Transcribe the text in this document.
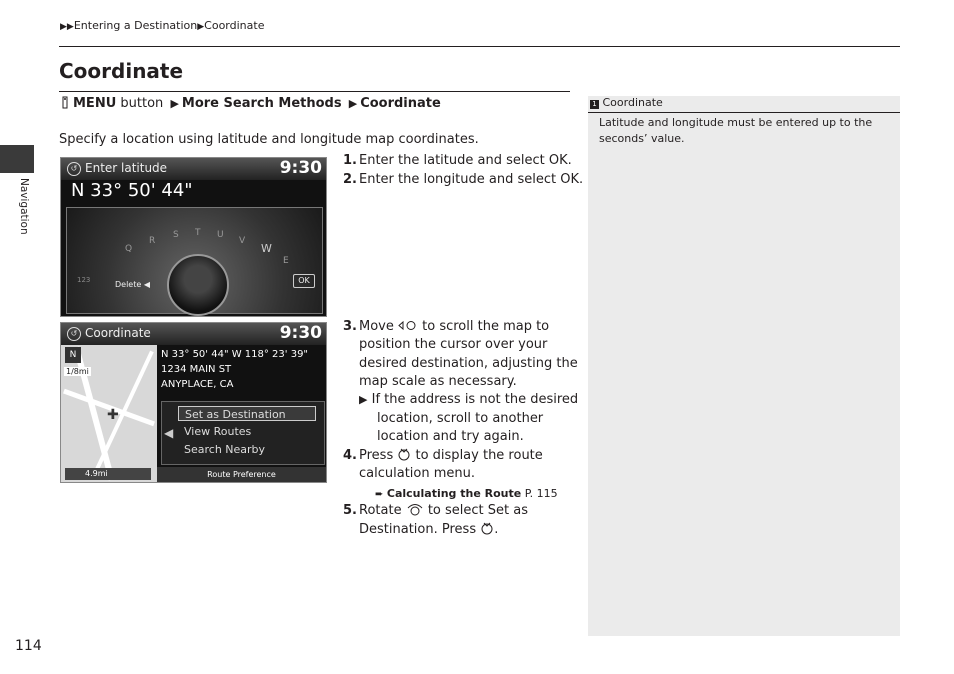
▶▶Entering a Destination▶Coordinate
Coordinate
MENU button ▶ More Search Methods ▶ Coordinate
Specify a location using latitude and longitude map coordinates.
Navigation
114
↺ Enter latitude	9:30
N 33° 50' 44"
Q
R
S T U
V
W
E
123	Delete ◀	OK
↺ Coordinate	9:30
N
1/8mi
✚
4.9mi
N 33° 50' 44" W 118° 23' 39"
1234 MAIN ST
ANYPLACE, CA
◀
Set as Destination
View Routes
Search Nearby
Route Preference
1. Enter the latitude and select OK.
2. Enter the longitude and select OK.
3. Move  to scroll the map to
position the cursor over your
desired destination, adjusting the
map scale as necessary.
▶ If the address is not the desired
location, scroll to another
location and try again.
4. Press  to display the route
calculation menu.
➨ Calculating the Route P. 115
5. Rotate  to select Set as
Destination. Press .
1 Coordinate
Latitude and longitude must be entered up to the seconds’ value.
